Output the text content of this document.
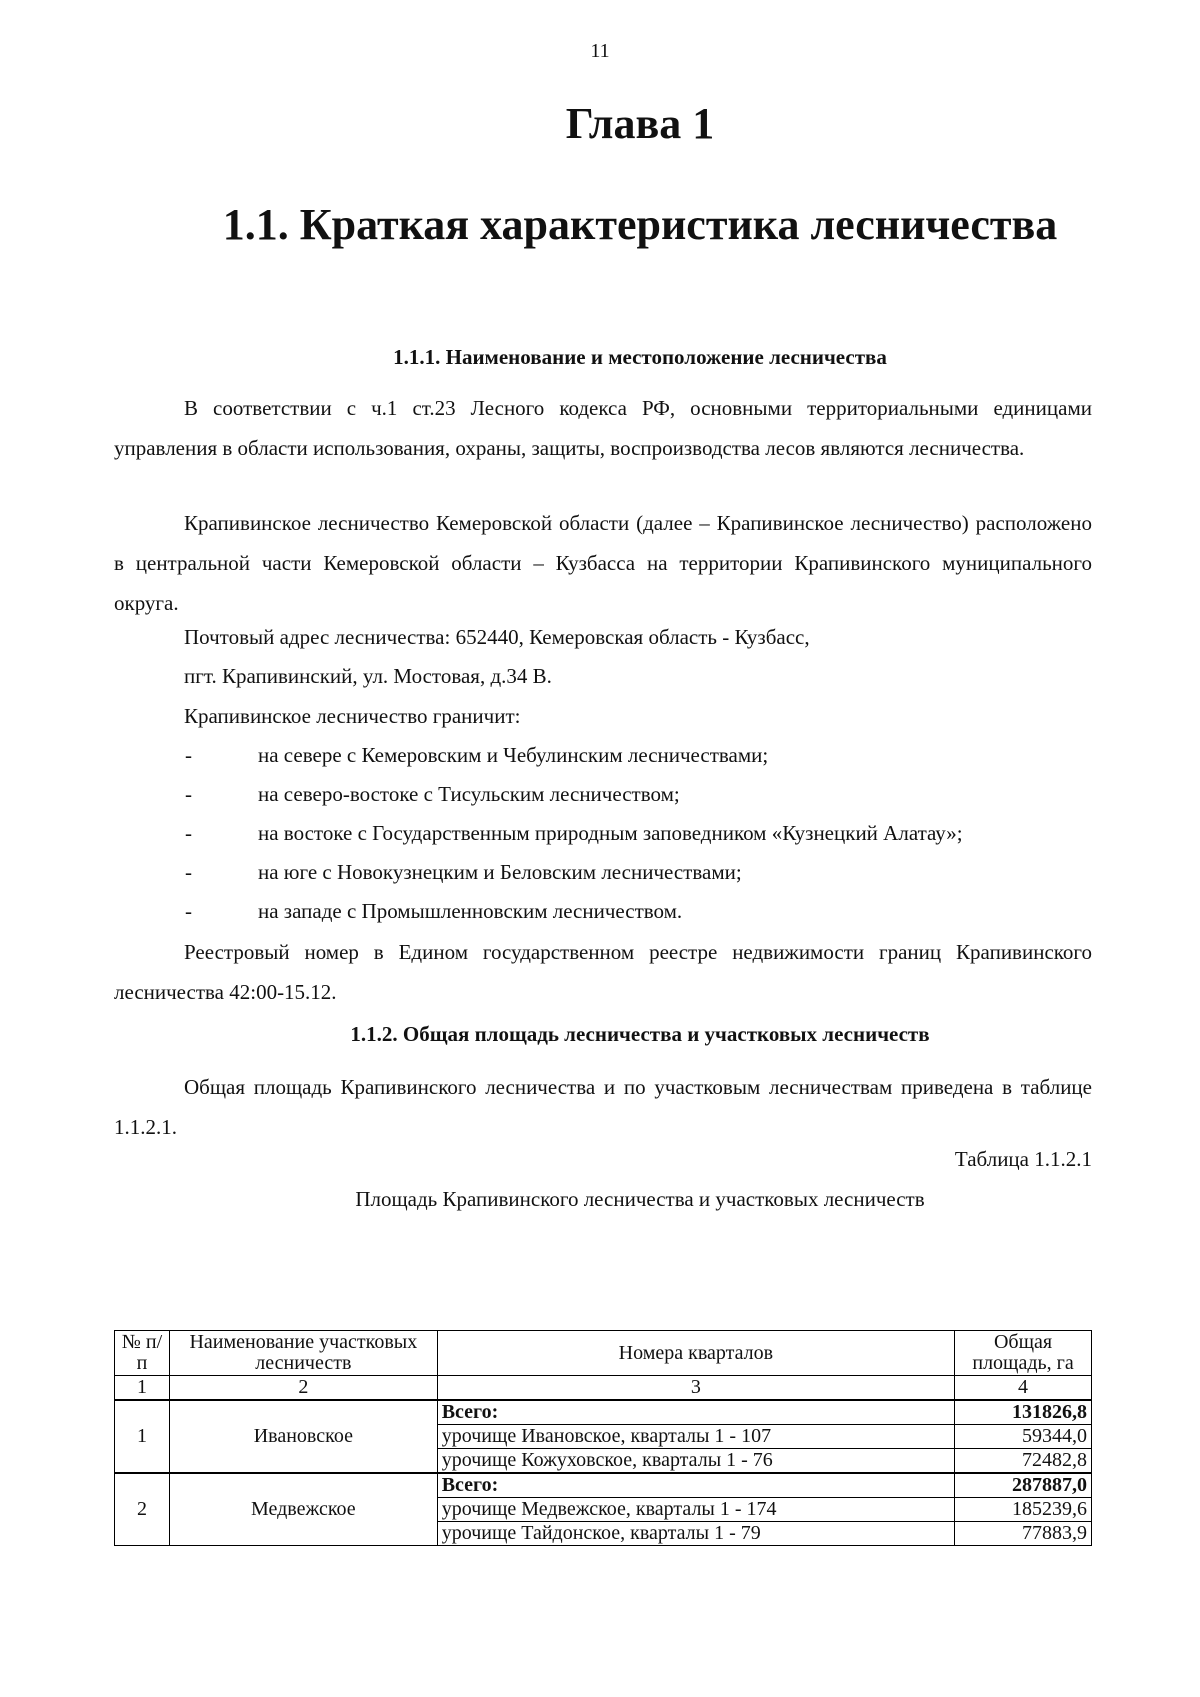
11
Глава 1
1.1. Краткая характеристика лесничества
1.1.1. Наименование и местоположение лесничества

В соответствии с ч.1 ст.23 Лесного кодекса РФ, основными территориальными единицами управления в области использования, охраны, защиты, воспроизводства лесов являются лесничества.

Крапивинское лесничество Кемеровской области (далее – Крапивинское лесничество) расположено в центральной части Кемеровской области – Кузбасса на территории Крапивинского муниципального округа.

Почтовый адрес лесничества: 652440, Кемеровская область - Кузбасс,

пгт. Крапивинский, ул. Мостовая, д.34 В.

Крапивинское лесничество граничит:

-	на севере с Кемеровским и Чебулинским лесничествами;
-	на северо-востоке с Тисульским лесничеством;
-	на востоке с Государственным природным заповедником «Кузнецкий Алатау»;
-	на юге с Новокузнецким и Беловским лесничествами;
-	на западе с Промышленновским лесничеством.

Реестровый номер в Едином государственном реестре недвижимости границ Крапивинского лесничества 42:00-15.12.

1.1.2. Общая площадь лесничества и участковых лесничеств

Общая площадь Крапивинского лесничества и по участковым лесничествам приведена в таблице 1.1.2.1.

Таблица 1.1.2.1
Площадь Крапивинского лесничества и участковых лесничеств
№ п/п	Наименование участковых лесничеств	Номера кварталов	Общая площадь, га
1	2	3	4
1	Ивановское	Всего:	131826,8
		урочище Ивановское, кварталы 1 - 107	59344,0
		урочище Кожуховское, кварталы 1 - 76	72482,8
2	Медвежское	Всего:	287887,0
		урочище Медвежское, кварталы 1 - 174	185239,6
		урочище Тайдонское, кварталы 1 - 79	77883,9
